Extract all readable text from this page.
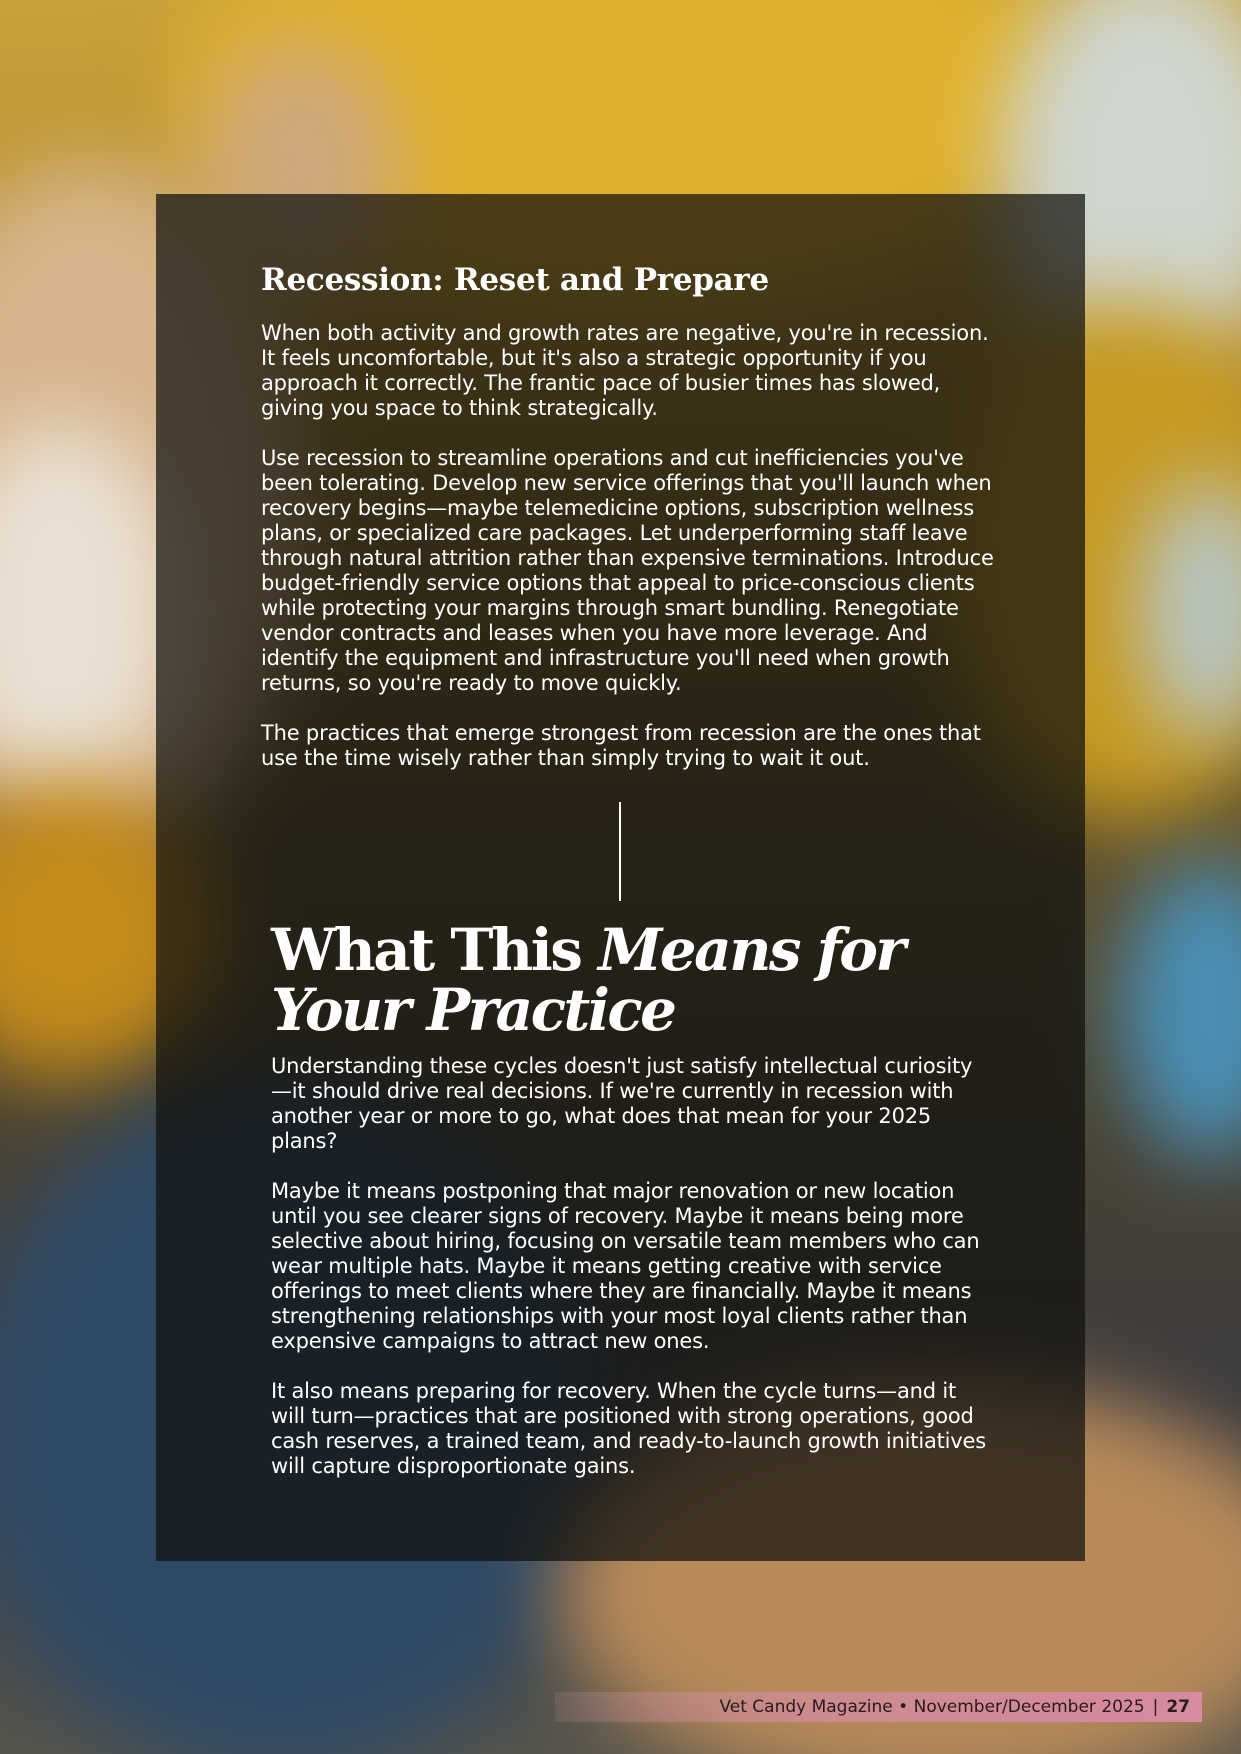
Recession: Reset and Prepare

When both activity and growth rates are negative, you're in recession. It feels uncomfortable, but it's also a strategic opportunity if you approach it correctly. The frantic pace of busier times has slowed, giving you space to think strategically.

Use recession to streamline operations and cut inefficiencies you've been tolerating. Develop new service offerings that you'll launch when recovery begins—maybe telemedicine options, subscription wellness plans, or specialized care packages. Let underperforming staff leave through natural attrition rather than expensive terminations. Introduce budget-friendly service options that appeal to price-conscious clients while protecting your margins through smart bundling. Renegotiate vendor contracts and leases when you have more leverage. And identify the equipment and infrastructure you'll need when growth returns, so you're ready to move quickly.

The practices that emerge strongest from recession are the ones that use the time wisely rather than simply trying to wait it out.

What This Means for
Your Practice

Understanding these cycles doesn't just satisfy intellectual curiosity—it should drive real decisions. If we're currently in recession with another year or more to go, what does that mean for your 2025 plans?

Maybe it means postponing that major renovation or new location until you see clearer signs of recovery. Maybe it means being more selective about hiring, focusing on versatile team members who can wear multiple hats. Maybe it means getting creative with service offerings to meet clients where they are financially. Maybe it means strengthening relationships with your most loyal clients rather than expensive campaigns to attract new ones.

It also means preparing for recovery. When the cycle turns—and it will turn—practices that are positioned with strong operations, good cash reserves, a trained team, and ready-to-launch growth initiatives will capture disproportionate gains.

Vet Candy Magazine • November/December 2025 | 27
